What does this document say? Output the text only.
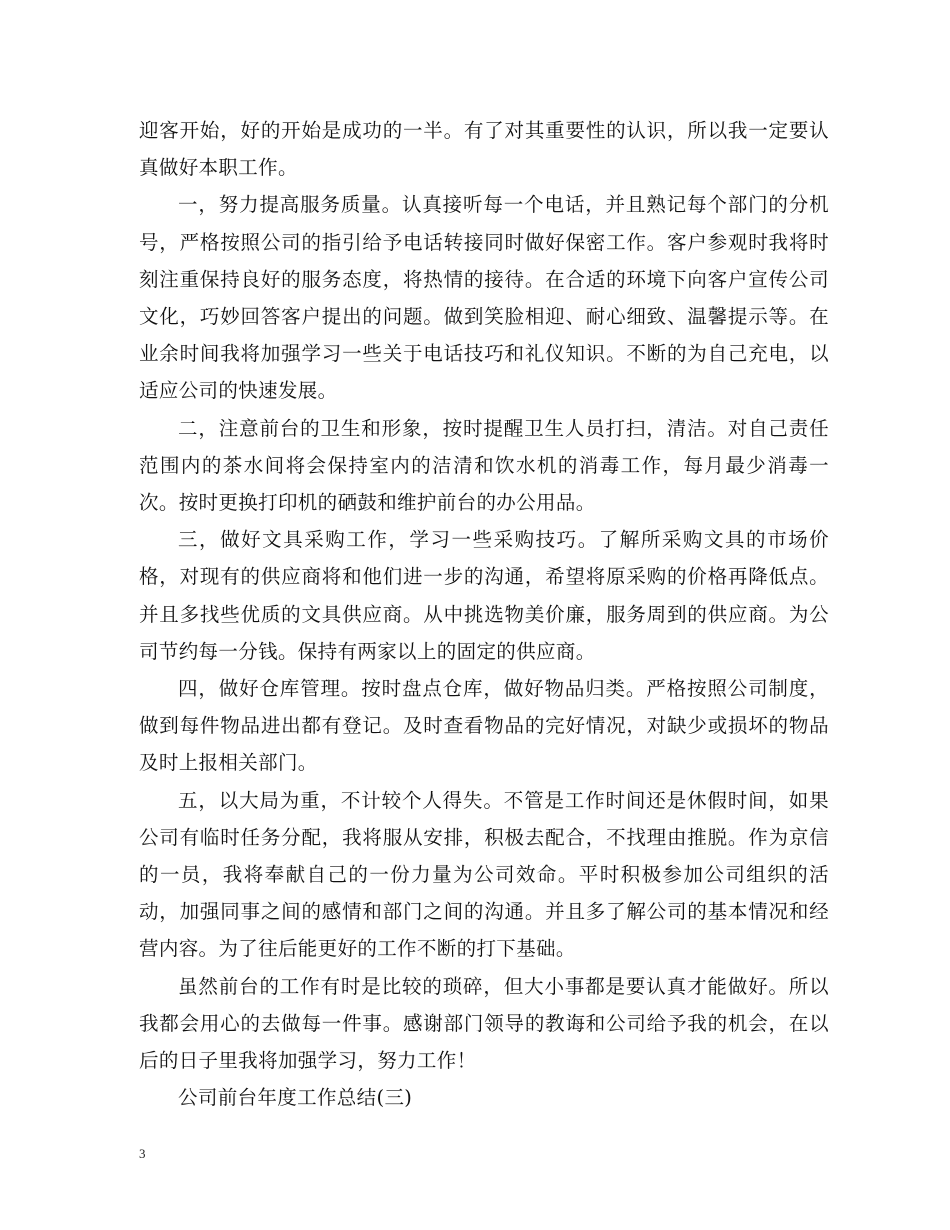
迎客开始，好的开始是成功的一半。有了对其重要性的认识，所以我一定要认真做好本职工作。

一，努力提高服务质量。认真接听每一个电话，并且熟记每个部门的分机号，严格按照公司的指引给予电话转接同时做好保密工作。客户参观时我将时刻注重保持良好的服务态度，将热情的接待。在合适的环境下向客户宣传公司文化，巧妙回答客户提出的问题。做到笑脸相迎、耐心细致、温馨提示等。在业余时间我将加强学习一些关于电话技巧和礼仪知识。不断的为自己充电，以适应公司的快速发展。

二，注意前台的卫生和形象，按时提醒卫生人员打扫，清洁。对自己责任范围内的茶水间将会保持室内的洁清和饮水机的消毒工作，每月最少消毒一次。按时更换打印机的硒鼓和维护前台的办公用品。

三，做好文具采购工作，学习一些采购技巧。了解所采购文具的市场价格，对现有的供应商将和他们进一步的沟通，希望将原采购的价格再降低点。并且多找些优质的文具供应商。从中挑选物美价廉，服务周到的供应商。为公司节约每一分钱。保持有两家以上的固定的供应商。

四，做好仓库管理。按时盘点仓库，做好物品归类。严格按照公司制度，做到每件物品进出都有登记。及时查看物品的完好情况，对缺少或损坏的物品及时上报相关部门。

五，以大局为重，不计较个人得失。不管是工作时间还是休假时间，如果公司有临时任务分配，我将服从安排，积极去配合，不找理由推脱。作为京信的一员，我将奉献自己的一份力量为公司效命。平时积极参加公司组织的活动，加强同事之间的感情和部门之间的沟通。并且多了解公司的基本情况和经营内容。为了往后能更好的工作不断的打下基础。

虽然前台的工作有时是比较的琐碎，但大小事都是要认真才能做好。所以我都会用心的去做每一件事。感谢部门领导的教诲和公司给予我的机会，在以后的日子里我将加强学习，努力工作！

公司前台年度工作总结(三)

3
